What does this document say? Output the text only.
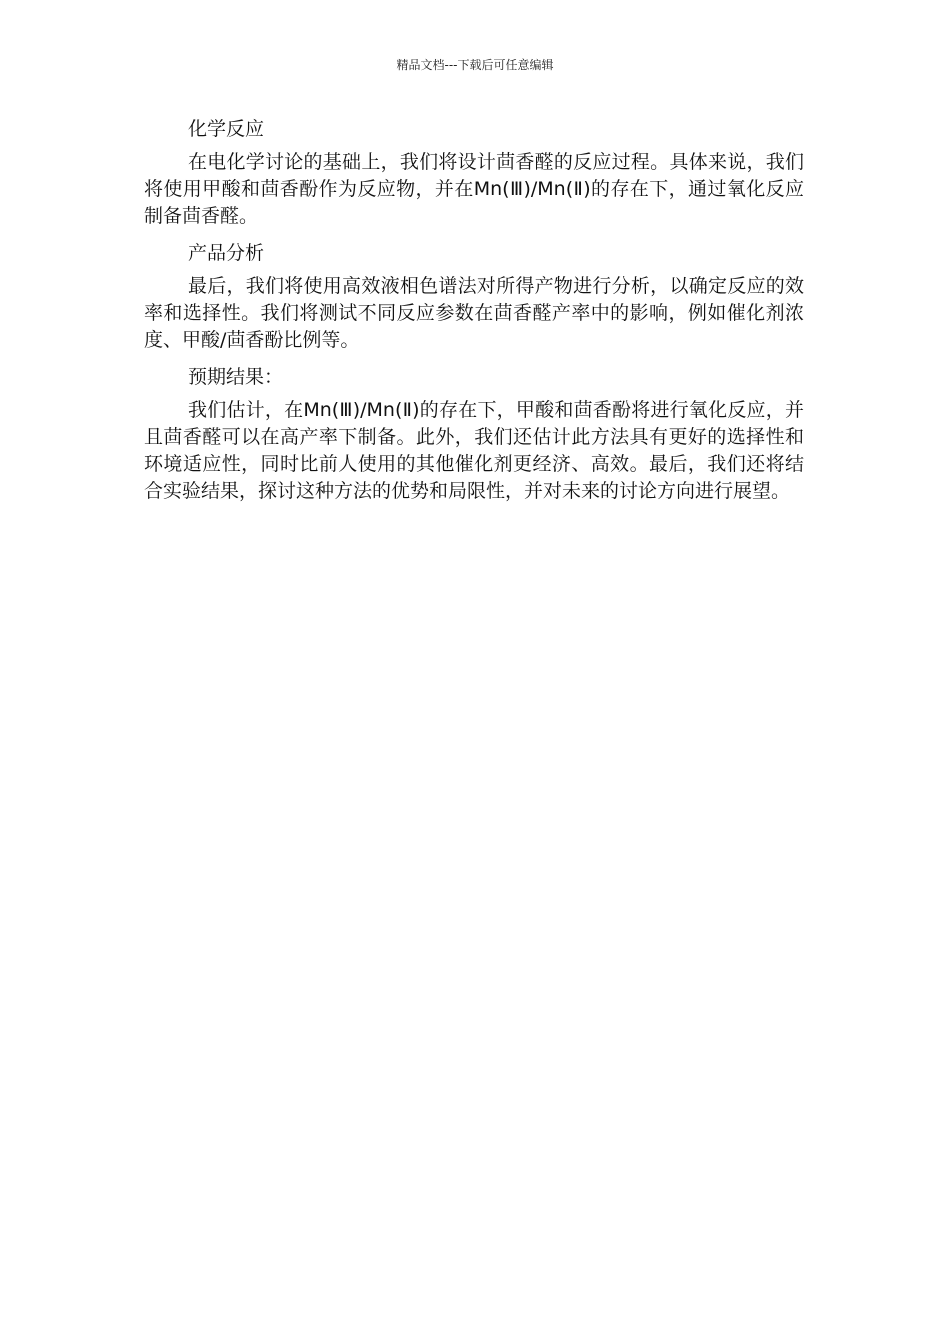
精品文档---下载后可任意编辑
化学反应

在电化学讨论的基础上，我们将设计茴香醛的反应过程。具体来说，我们将使用甲酸和茴香酚作为反应物，并在Mn(Ⅲ)/Mn(Ⅱ)的存在下，通过氧化反应制备茴香醛。

产品分析

最后，我们将使用高效液相色谱法对所得产物进行分析，以确定反应的效率和选择性。我们将测试不同反应参数在茴香醛产率中的影响，例如催化剂浓度、甲酸/茴香酚比例等。

预期结果：

我们估计，在Mn(Ⅲ)/Mn(Ⅱ)的存在下，甲酸和茴香酚将进行氧化反应，并且茴香醛可以在高产率下制备。此外，我们还估计此方法具有更好的选择性和环境适应性，同时比前人使用的其他催化剂更经济、高效。最后，我们还将结合实验结果，探讨这种方法的优势和局限性，并对未来的讨论方向进行展望。
